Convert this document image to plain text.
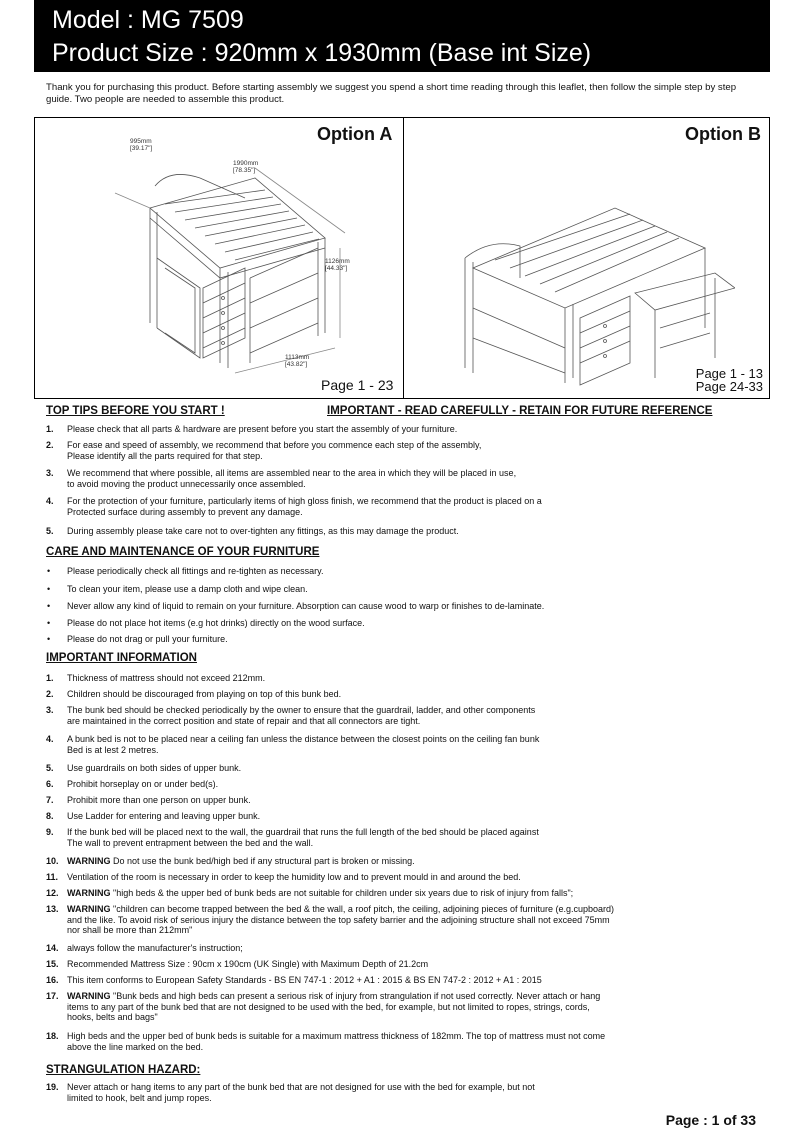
Model : MG 7509
Product Size : 920mm x 1930mm (Base int Size)
Thank you for purchasing this product. Before starting assembly we suggest you spend a short time reading through this leaflet, then follow the simple step by step guide. Two people are needed to assemble this product.
Option A	Option B
995mm
[39.17"]
1990mm
[78.35"]
1126mm
[44.33"]
1113mm
[43.82"]
Page 1 - 23
Page 1 - 13
Page 24-33
TOP TIPS BEFORE YOU START !	IMPORTANT - READ CAREFULLY - RETAIN FOR FUTURE REFERENCE
1. Please check that all parts & hardware are present before you start the assembly of your furniture.
2. For ease and speed of assembly, we recommend that before you commence each step of the assembly,
Please identify all the parts required for that step.
3. We recommend that where possible, all items are assembled near to the area in which they will be placed in use,
to avoid moving the product unnecessarily once assembled.
4. For the protection of your furniture, particularly items of high gloss finish, we recommend that the product is placed on a
Protected surface during assembly to prevent any damage.
5. During assembly please take care not to over-tighten any fittings, as this may damage the product.
CARE AND MAINTENANCE OF YOUR FURNITURE
• Please periodically check all fittings and re-tighten as necessary.
• To clean your item, please use a damp cloth and wipe clean.
• Never allow any kind of liquid to remain on your furniture. Absorption can cause wood to warp or finishes to de-laminate.
• Please do not place hot items (e.g hot drinks) directly on the wood surface.
• Please do not drag or pull your furniture.
IMPORTANT INFORMATION
1. Thickness of mattress should not exceed 212mm.
2. Children should be discouraged from playing on top of this bunk bed.
3. The bunk bed should be checked periodically by the owner to ensure that the guardrail, ladder, and other components
are maintained in the correct position and state of repair and that all connectors are tight.
4. A bunk bed is not to be placed near a ceiling fan unless the distance between the closest points on the ceiling fan bunk
Bed is at lest 2 metres.
5. Use guardrails on both sides of upper bunk.
6. Prohibit horseplay on or under bed(s).
7. Prohibit more than one person on upper bunk.
8. Use Ladder for entering and leaving upper bunk.
9. If the bunk bed will be placed next to the wall, the guardrail that runs the full length of the bed should be placed against
The wall to prevent entrapment between the bed and the wall.
10. WARNING Do not use the bunk bed/high bed if any structural part is broken or missing.
11. Ventilation of the room is necessary in order to keep the humidity low and to prevent mould in and around the bed.
12. WARNING "high beds & the upper bed of bunk beds are not suitable for children under six years due to risk of injury from falls";
13. WARNING "children can become trapped between the bed & the wall, a roof pitch, the ceiling, adjoining pieces of furniture (e.g.cupboard)
and the like. To avoid risk of serious injury the distance between the top safety barrier and the adjoining structure shall not exceed 75mm
nor shall be more than 212mm"
14. always follow the manufacturer's instruction;
15. Recommended Mattress Size : 90cm x 190cm (UK Single) with Maximum Depth of 21.2cm
16. This item conforms to European Safety Standards - BS EN 747-1 : 2012 + A1 : 2015 & BS EN 747-2 : 2012 + A1 : 2015
17. WARNING "Bunk beds and high beds can present a serious risk of injury from strangulation if not used correctly. Never attach or hang
items to any part of the bunk bed that are not designed to be used with the bed, for example, but not limited to ropes, strings, cords,
hooks, belts and bags"
18. High beds and the upper bed of bunk beds is suitable for a maximum mattress thickness of 182mm. The top of mattress must not come
above the line marked on the bed.
STRANGULATION HAZARD:
19. Never attach or hang items to any part of the bunk bed that are not designed for use with the bed for example, but not
limited to hook, belt and jump ropes.
Page : 1 of 33
